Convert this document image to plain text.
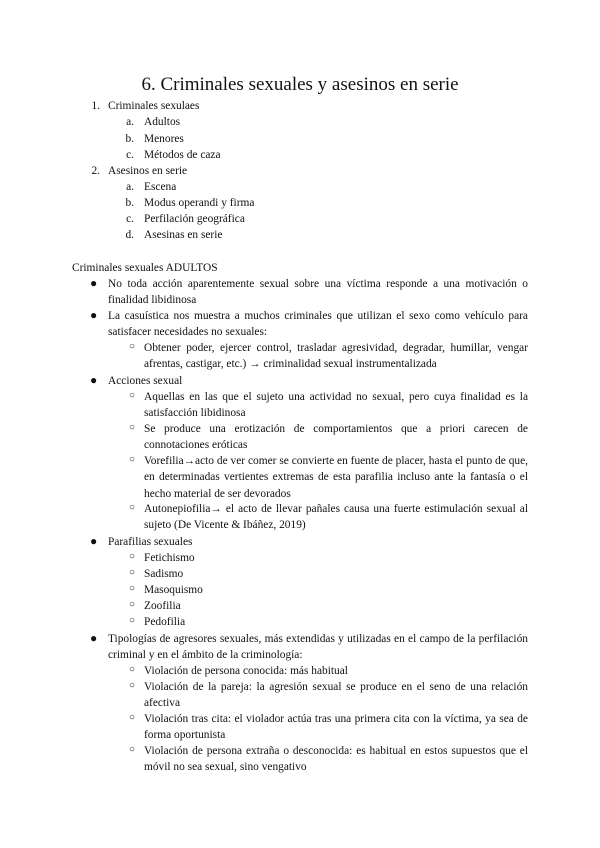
6. Criminales sexuales y asesinos en serie
1. Criminales sexulaes
a. Adultos
b. Menores
c. Métodos de caza
2. Asesinos en serie
a. Escena
b. Modus operandi y firma
c. Perfilación geográfica
d. Asesinas en serie
Criminales sexuales ADULTOS
● No toda acción aparentemente sexual sobre una víctima responde a una motivación o finalidad libidinosa
● La casuística nos muestra a muchos criminales que utilizan el sexo como vehículo para satisfacer necesidades no sexuales:
○ Obtener poder, ejercer control, trasladar agresividad, degradar, humillar, vengar afrentas, castigar, etc.) → criminalidad sexual instrumentalizada
● Acciones sexual
○ Aquellas en las que el sujeto una actividad no sexual, pero cuya finalidad es la satisfacción libidinosa
○ Se produce una erotización de comportamientos que a priori carecen de connotaciones eróticas
○ Vorefilia→acto de ver comer se convierte en fuente de placer, hasta el punto de que, en determinadas vertientes extremas de esta parafilia incluso ante la fantasía o el hecho material de ser devorados
○ Autonepiofilia→ el acto de llevar pañales causa una fuerte estimulación sexual al sujeto (De Vicente & Ibáñez, 2019)
● Parafilias sexuales
○ Fetichismo
○ Sadismo
○ Masoquismo
○ Zoofilia
○ Pedofilia
● Tipologías de agresores sexuales, más extendidas y utilizadas en el campo de la perfilación criminal y en el ámbito de la criminología:
○ Violación de persona conocida: más habitual
○ Violación de la pareja: la agresión sexual se produce en el seno de una relación afectiva
○ Violación tras cita: el violador actúa tras una primera cita con la víctima, ya sea de forma oportunista
○ Violación de persona extraña o desconocida: es habitual en estos supuestos que el móvil no sea sexual, sino vengativo
